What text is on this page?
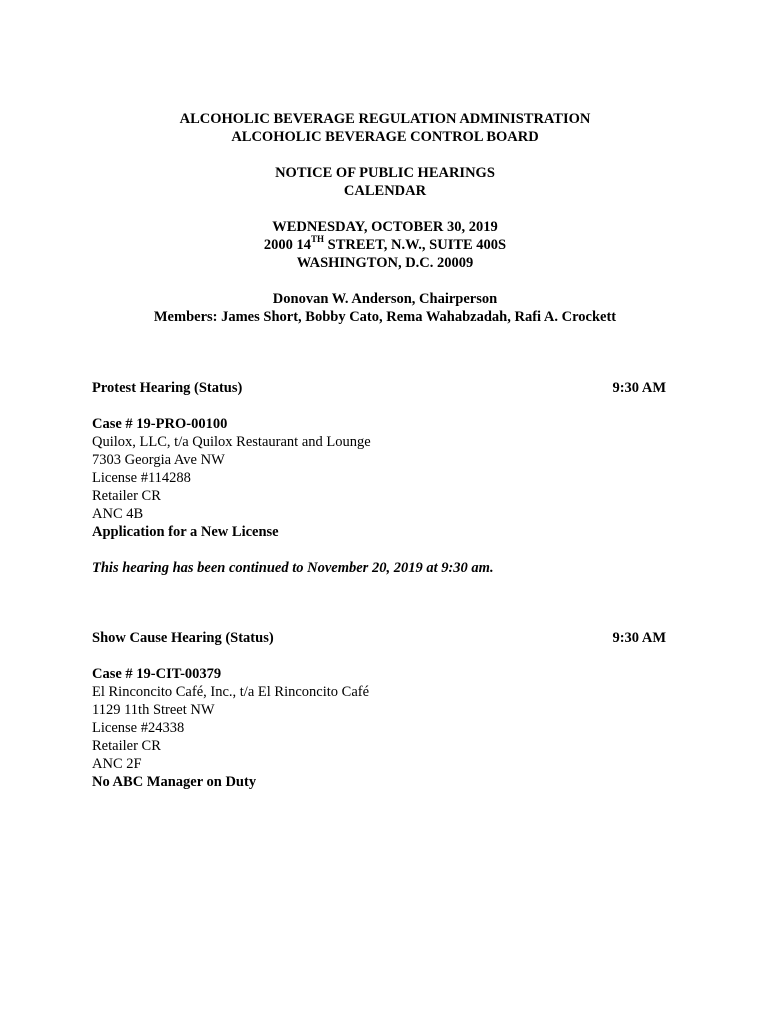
ALCOHOLIC BEVERAGE REGULATION ADMINISTRATION
ALCOHOLIC BEVERAGE CONTROL BOARD
NOTICE OF PUBLIC HEARINGS
CALENDAR
WEDNESDAY, OCTOBER 30, 2019
2000 14TH STREET, N.W., SUITE 400S
WASHINGTON, D.C. 20009
Donovan W. Anderson, Chairperson
Members: James Short, Bobby Cato, Rema Wahabzadah, Rafi A. Crockett
Protest Hearing (Status)	9:30 AM
Case # 19-PRO-00100
Quilox, LLC, t/a Quilox Restaurant and Lounge
7303 Georgia Ave NW
License #114288
Retailer CR
ANC 4B
Application for a New License
This hearing has been continued to November 20, 2019 at 9:30 am.
Show Cause Hearing (Status)	9:30 AM
Case # 19-CIT-00379
El Rinconcito Café, Inc., t/a El Rinconcito Café
1129 11th Street NW
License #24338
Retailer CR
ANC 2F
No ABC Manager on Duty
